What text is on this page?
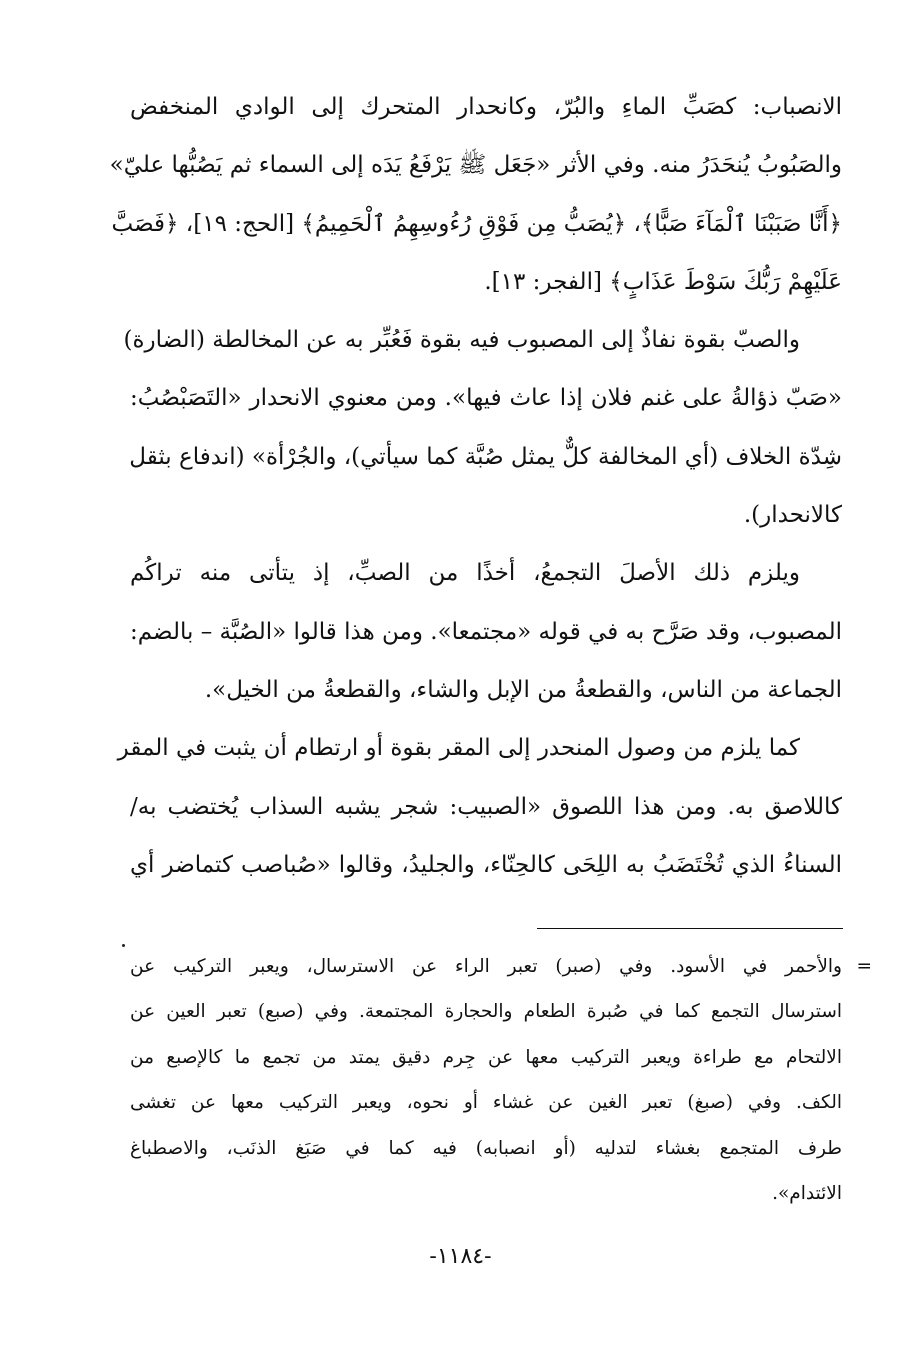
الانصباب: كصَبِّ الماءِ والبُرّ، وكانحدار المتحرك إلى الوادي المنخفض
والصَبُوبُ يُنحَدَرُ منه. وفي الأثر «جَعَل ﷺ يَرْفَعُ يَدَه إلى السماء ثم يَصُبُّها عليّ»
﴿أَنَّا صَبَبْنَا ٱلْمَآءَ صَبًّا﴾، ﴿يُصَبُّ مِن فَوْقِ رُءُوسِهِمُ ٱلْحَمِيمُ﴾ [الحج: ١٩]، ﴿فَصَبَّ
عَلَيْهِمْ رَبُّكَ سَوْطَ عَذَابٍ﴾ [الفجر: ١٣].
والصبّ بقوة نفاذٌ إلى المصبوب فيه بقوة فَعُبِّر به عن المخالطة (الضارة)
«صَبّ ذؤالةُ على غنم فلان إذا عاث فيها». ومن معنوي الانحدار «التَصَبْصُبُ:
شِدّة الخلاف (أي المخالفة كلٌّ يمثل صُبَّة كما سيأتي)، والجُرْأة» (اندفاع بثقل
كالانحدار).
ويلزم ذلك الأصلَ التجمعُ، أخذًا من الصبِّ، إذ يتأتى منه تراكُم
المصبوب، وقد صَرَّح به في قوله «مجتمعا». ومن هذا قالوا «الصُبَّة – بالضم:
الجماعة من الناس، والقطعةُ من الإبل والشاء، والقطعةُ من الخيل».
كما يلزم من وصول المنحدر إلى المقر بقوة أو ارتطام أن يثبت في المقر
كاللاصق به. ومن هذا اللصوق «الصبيب: شجر يشبه السذاب يُختضب به/
السناءُ الذي تُخْتَضَبُ به اللِحَى كالحِنّاء، والجليدُ، وقالوا «صُباصب كتماضر أي
=
والأحمر في الأسود. وفي (صبر) تعبر الراء عن الاسترسال، ويعبر التركيب عن
استرسال التجمع كما في صُبرة الطعام والحجارة المجتمعة. وفي (صبع) تعبر العين عن
الالتحام مع طراءة ويعبر التركيب معها عن جِرم دقيق يمتد من تجمع ما كالإصبع من
الكف. وفي (صبغ) تعبر الغين عن غشاء أو نحوه، ويعبر التركيب معها عن تغشى
طرف المتجمع بغشاء لتدليه (أو انصبابه) فيه كما في صَبَغ الذنَب، والاصطباغ
الائتدام».
-١١٨٤-
